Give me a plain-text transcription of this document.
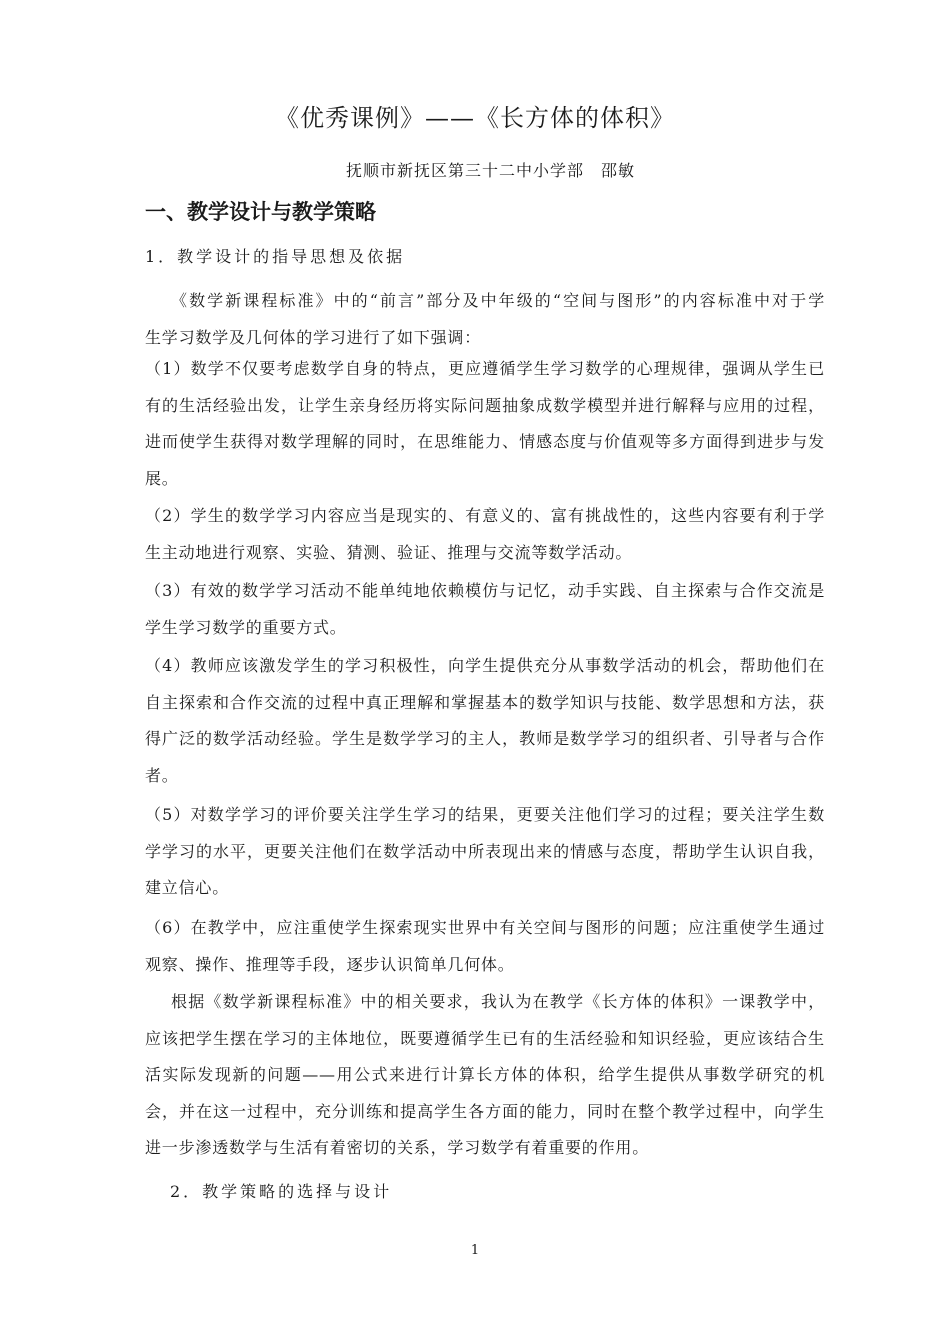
《优秀课例》——《长方体的体积》
抚顺市新抚区第三十二中小学部　邵敏
一、教学设计与教学策略
1．教学设计的指导思想及依据
《数学新课程标准》中的“前言”部分及中年级的“空间与图形”的内容标准中对于学
生学习数学及几何体的学习进行了如下强调：
（1）数学不仅要考虑数学自身的特点，更应遵循学生学习数学的心理规律，强调从学生已
有的生活经验出发，让学生亲身经历将实际问题抽象成数学模型并进行解释与应用的过程，
进而使学生获得对数学理解的同时，在思维能力、情感态度与价值观等多方面得到进步与发
展。
（2）学生的数学学习内容应当是现实的、有意义的、富有挑战性的，这些内容要有利于学
生主动地进行观察、实验、猜测、验证、推理与交流等数学活动。
（3）有效的数学学习活动不能单纯地依赖模仿与记忆，动手实践、自主探索与合作交流是
学生学习数学的重要方式。
（4）教师应该激发学生的学习积极性，向学生提供充分从事数学活动的机会，帮助他们在
自主探索和合作交流的过程中真正理解和掌握基本的数学知识与技能、数学思想和方法，获
得广泛的数学活动经验。学生是数学学习的主人，教师是数学学习的组织者、引导者与合作
者。
（5）对数学学习的评价要关注学生学习的结果，更要关注他们学习的过程；要关注学生数
学学习的水平，更要关注他们在数学活动中所表现出来的情感与态度，帮助学生认识自我，
建立信心。
（6）在教学中，应注重使学生探索现实世界中有关空间与图形的问题；应注重使学生通过
观察、操作、推理等手段，逐步认识简单几何体。
根据《数学新课程标准》中的相关要求，我认为在教学《长方体的体积》一课教学中，
应该把学生摆在学习的主体地位，既要遵循学生已有的生活经验和知识经验，更应该结合生
活实际发现新的问题——用公式来进行计算长方体的体积，给学生提供从事数学研究的机
会，并在这一过程中，充分训练和提高学生各方面的能力，同时在整个教学过程中，向学生
进一步渗透数学与生活有着密切的关系，学习数学有着重要的作用。
2．教学策略的选择与设计
1
